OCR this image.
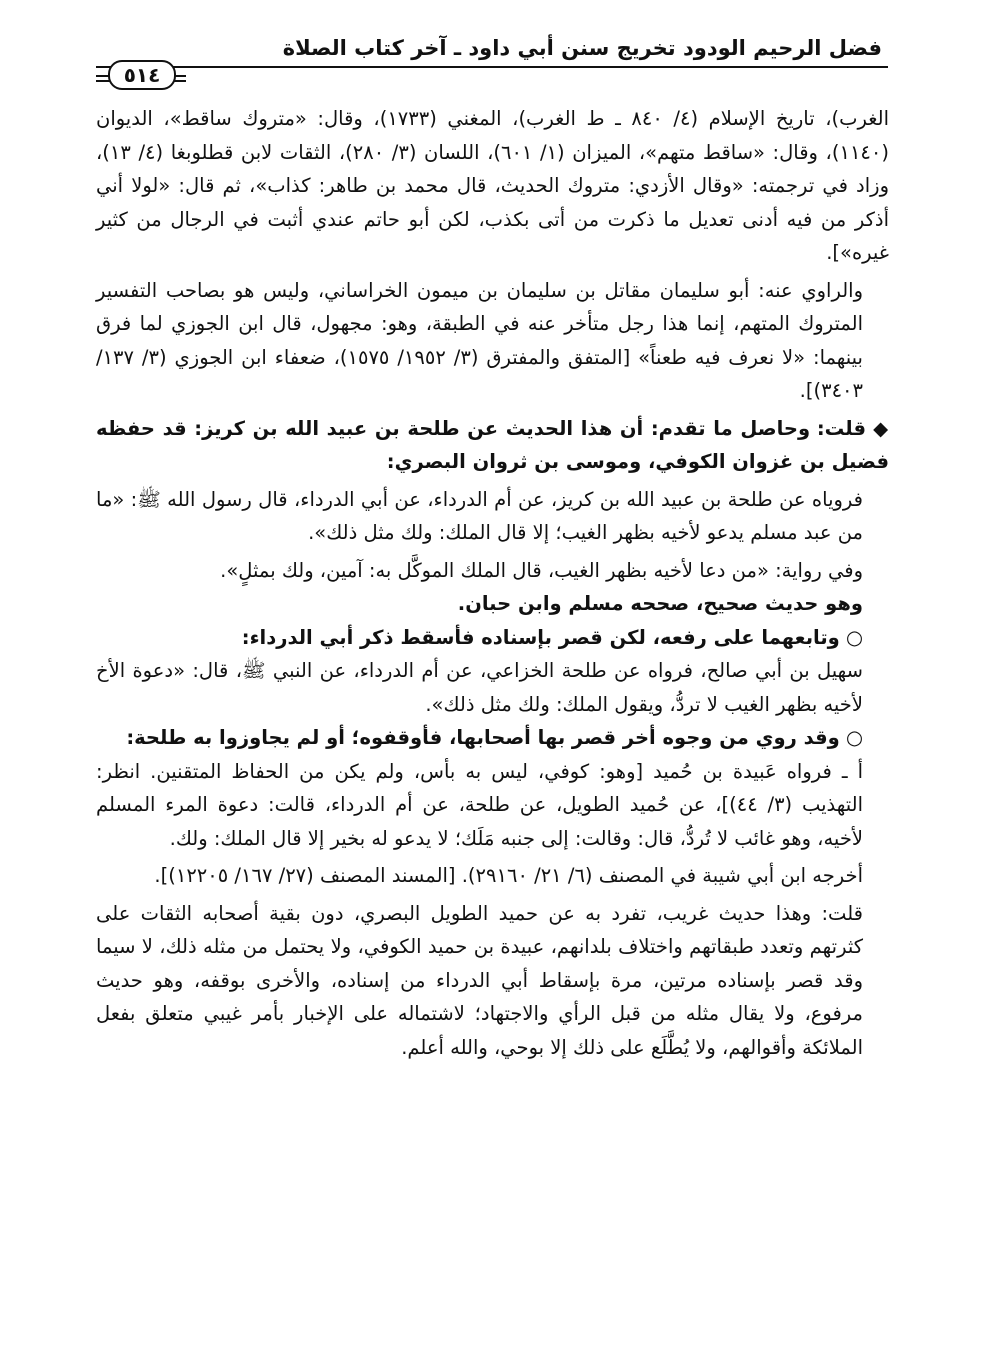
فضل الرحيم الودود تخريج سنن أبي داود ـ آخر كتاب الصلاة
٥١٤

الغرب)، تاريخ الإسلام (٤/ ٨٤٠ ـ ط الغرب)، المغني (١٧٣٣)، وقال: «متروك ساقط»، الديوان (١١٤٠)، وقال: «ساقط متهم»، الميزان (١/ ٦٠١)، اللسان (٣/ ٢٨٠)، الثقات لابن قطلوبغا (٤/ ١٣)، وزاد في ترجمته: «وقال الأزدي: متروك الحديث، قال محمد بن طاهر: كذاب»، ثم قال: «لولا أني أذكر من فيه أدنى تعديل ما ذكرت من أتى بكذب، لكن أبو حاتم عندي أثبت في الرجال من كثير غيره»].

والراوي عنه: أبو سليمان مقاتل بن سليمان بن ميمون الخراساني، وليس هو بصاحب التفسير المتروك المتهم، إنما هذا رجل متأخر عنه في الطبقة، وهو: مجهول، قال ابن الجوزي لما فرق بينهما: «لا نعرف فيه طعناً» [المتفق والمفترق (٣/ ١٩٥٢/ ١٥٧٥)، ضعفاء ابن الجوزي (٣/ ١٣٧/ ٣٤٠٣)].

◆ قلت: وحاصل ما تقدم: أن هذا الحديث عن طلحة بن عبيد الله بن كريز: قد حفظه فضيل بن غزوان الكوفي، وموسى بن ثروان البصري:

فروياه عن طلحة بن عبيد الله بن كريز، عن أم الدرداء، عن أبي الدرداء، قال رسول الله ﷺ: «ما من عبد مسلم يدعو لأخيه بظهر الغيب؛ إلا قال الملك: ولك مثل ذلك».

وفي رواية: «من دعا لأخيه بظهر الغيب، قال الملك الموكَّل به: آمين، ولك بمثلٍ».

وهو حديث صحيح، صححه مسلم وابن حبان.

○ وتابعهما على رفعه، لكن قصر بإسناده فأسقط ذكر أبي الدرداء:

سهيل بن أبي صالح، فرواه عن طلحة الخزاعي، عن أم الدرداء، عن النبي ﷺ، قال: «دعوة الأخ لأخيه بظهر الغيب لا تردُّ، ويقول الملك: ولك مثل ذلك».

○ وقد روي من وجوه أخر قصر بها أصحابها، فأوقفوه؛ أو لم يجاوزوا به طلحة:

أ ـ فرواه عَبيدة بن حُميد [وهو: كوفي، ليس به بأس، ولم يكن من الحفاظ المتقنين. انظر: التهذيب (٣/ ٤٤)]، عن حُميد الطويل، عن طلحة، عن أم الدرداء، قالت: دعوة المرء المسلم لأخيه، وهو غائب لا تُردُّ، قال: وقالت: إلى جنبه مَلَك؛ لا يدعو له بخير إلا قال الملك: ولك.

أخرجه ابن أبي شيبة في المصنف (٦/ ٢١/ ٢٩١٦٠). [المسند المصنف (٢٧/ ١٦٧/ ١٢٢٠٥)].

قلت: وهذا حديث غريب، تفرد به عن حميد الطويل البصري، دون بقية أصحابه الثقات على كثرتهم وتعدد طبقاتهم واختلاف بلدانهم، عبيدة بن حميد الكوفي، ولا يحتمل من مثله ذلك، لا سيما وقد قصر بإسناده مرتين، مرة بإسقاط أبي الدرداء من إسناده، والأخرى بوقفه، وهو حديث مرفوع، ولا يقال مثله من قبل الرأي والاجتهاد؛ لاشتماله على الإخبار بأمر غيبي متعلق بفعل الملائكة وأقوالهم، ولا يُطَّلَع على ذلك إلا بوحي، والله أعلم.
